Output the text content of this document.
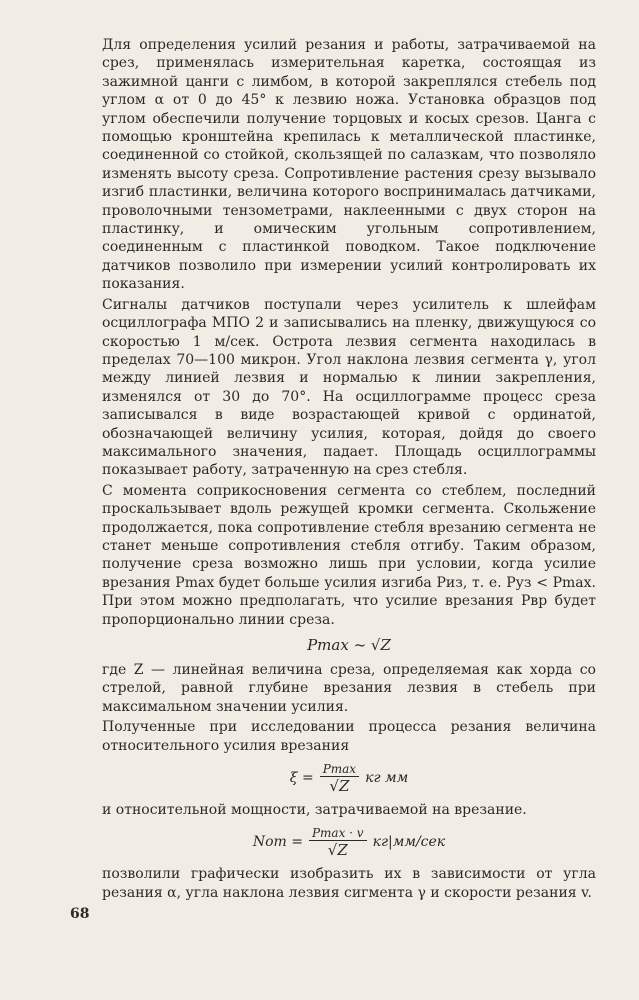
Для определения усилий резания и работы, затрачиваемой на срез, применялась измерительная каретка, состоящая из зажимной цанги с лимбом, в которой закреплялся стебель под углом α от 0 до 45° к лезвию ножа. Установка образцов под углом обеспечили получение торцовых и косых срезов. Цанга с помощью кронштейна крепилась к металлической пластинке, соединенной со стойкой, скользящей по салазкам, что позволяло изменять высоту среза. Сопротивление растения срезу вызывало изгиб пластинки, величина которого воспринималась датчиками, проволочными тензометрами, наклеенными с двух сторон на пластинку, и омическим угольным сопротивлением, соединенным с пластинкой поводком. Такое подключение датчиков позволило при измерении усилий контролировать их показания.

Сигналы датчиков поступали через усилитель к шлейфам осциллографа МПО 2 и записывались на пленку, движущуюся со скоростью 1 м/сек. Острота лезвия сегмента находилась в пределах 70—100 микрон. Угол наклона лезвия сегмента γ, угол между линией лезвия и нормалью к линии закрепления, изменялся от 30 до 70°. На осциллограмме процесс среза записывался в виде возрастающей кривой с ординатой, обозначающей величину усилия, которая, дойдя до своего максимального значения, падает. Площадь осциллограммы показывает работу, затраченную на срез стебля.

С момента соприкосновения сегмента со стеблем, последний проскальзывает вдоль режущей кромки сегмента. Скольжение продолжается, пока сопротивление стебля врезанию сегмента не станет меньше сопротивления стебля отгибу. Таким образом, получение среза возможно лишь при условии, когда усилие врезания Pmax будет больше усилия изгиба Pиз, т. е. Pуз < Pmax. При этом можно предполагать, что усилие врезания Pвр будет пропорционально линии среза.

Pmax ~ √Z

где Z — линейная величина среза, определяемая как хорда со стрелой, равной глубине врезания лезвия в стебель при максимальном значении усилия.

Полученные при исследовании процесса резания величина относительного усилия врезания

$\xi = \frac{Pmax}{√Z}$ кг мм

и относительной мощности, затрачиваемой на врезание.

Nот = $\frac{Pmax \cdot v}{√Z} кг|мм/сек$

позволили графически изобразить их в зависимости от угла резания α, угла наклона лезвия сигмента γ и скорости резания v.

68
